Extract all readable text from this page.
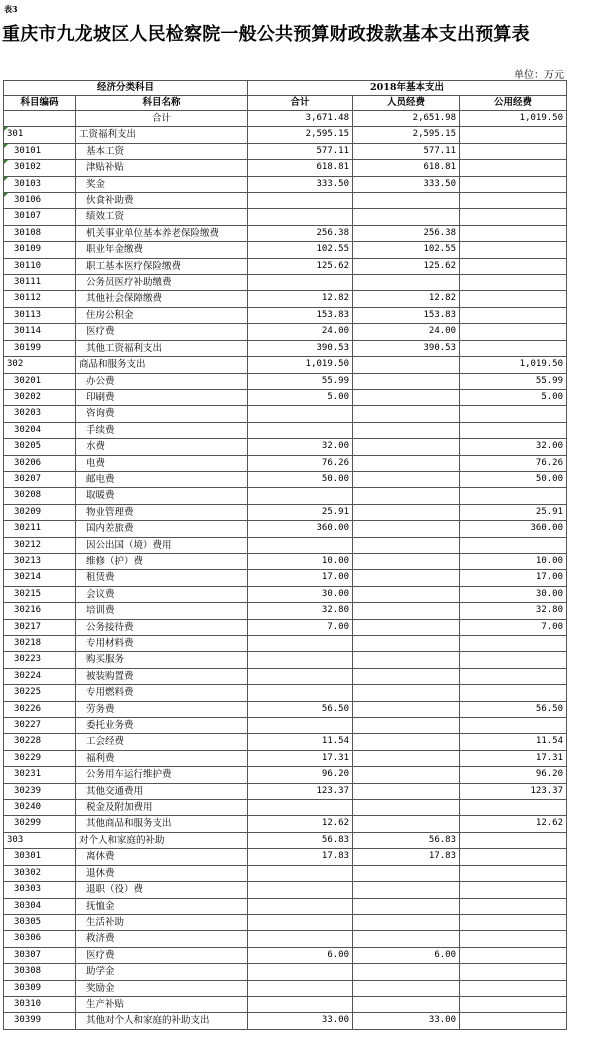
表3
重庆市九龙坡区人民检察院一般公共预算财政拨款基本支出预算表
单位：万元
经济分类科目		2018年基本支出		
科目编码	科目名称	合计	人员经费	公用经费
	合计	3,671.48	2,651.98	1,019.50
301	工资福利支出	2,595.15	2,595.15	
30101	基本工资	577.11	577.11	
30102	津贴补贴	618.81	618.81	
30103	奖金	333.50	333.50	
30106	伙食补助费			
30107	绩效工资			
30108	机关事业单位基本养老保险缴费	256.38	256.38	
30109	职业年金缴费	102.55	102.55	
30110	职工基本医疗保险缴费	125.62	125.62	
30111	公务员医疗补助缴费			
30112	其他社会保障缴费	12.82	12.82	
30113	住房公积金	153.83	153.83	
30114	医疗费	24.00	24.00	
30199	其他工资福利支出	390.53	390.53	
302	商品和服务支出	1,019.50		1,019.50
30201	办公费	55.99		55.99
30202	印刷费	5.00		5.00
30203	咨询费			
30204	手续费			
30205	水费	32.00		32.00
30206	电费	76.26		76.26
30207	邮电费	50.00		50.00
30208	取暖费			
30209	物业管理费	25.91		25.91
30211	国内差旅费	360.00		360.00
30212	因公出国（境）费用			
30213	维修（护）费	10.00		10.00
30214	租赁费	17.00		17.00
30215	会议费	30.00		30.00
30216	培训费	32.80		32.80
30217	公务接待费	7.00		7.00
30218	专用材料费			
30223	购买服务			
30224	被装购置费			
30225	专用燃料费			
30226	劳务费	56.50		56.50
30227	委托业务费			
30228	工会经费	11.54		11.54
30229	福利费	17.31		17.31
30231	公务用车运行维护费	96.20		96.20
30239	其他交通费用	123.37		123.37
30240	税金及附加费用			
30299	其他商品和服务支出	12.62		12.62
303	对个人和家庭的补助	56.83	56.83	
30301	离休费	17.83	17.83	
30302	退休费			
30303	退职（役）费			
30304	抚恤金			
30305	生活补助			
30306	救济费			
30307	医疗费	6.00	6.00	
30308	助学金			
30309	奖励金			
30310	生产补贴			
30399	其他对个人和家庭的补助支出	33.00	33.00	
